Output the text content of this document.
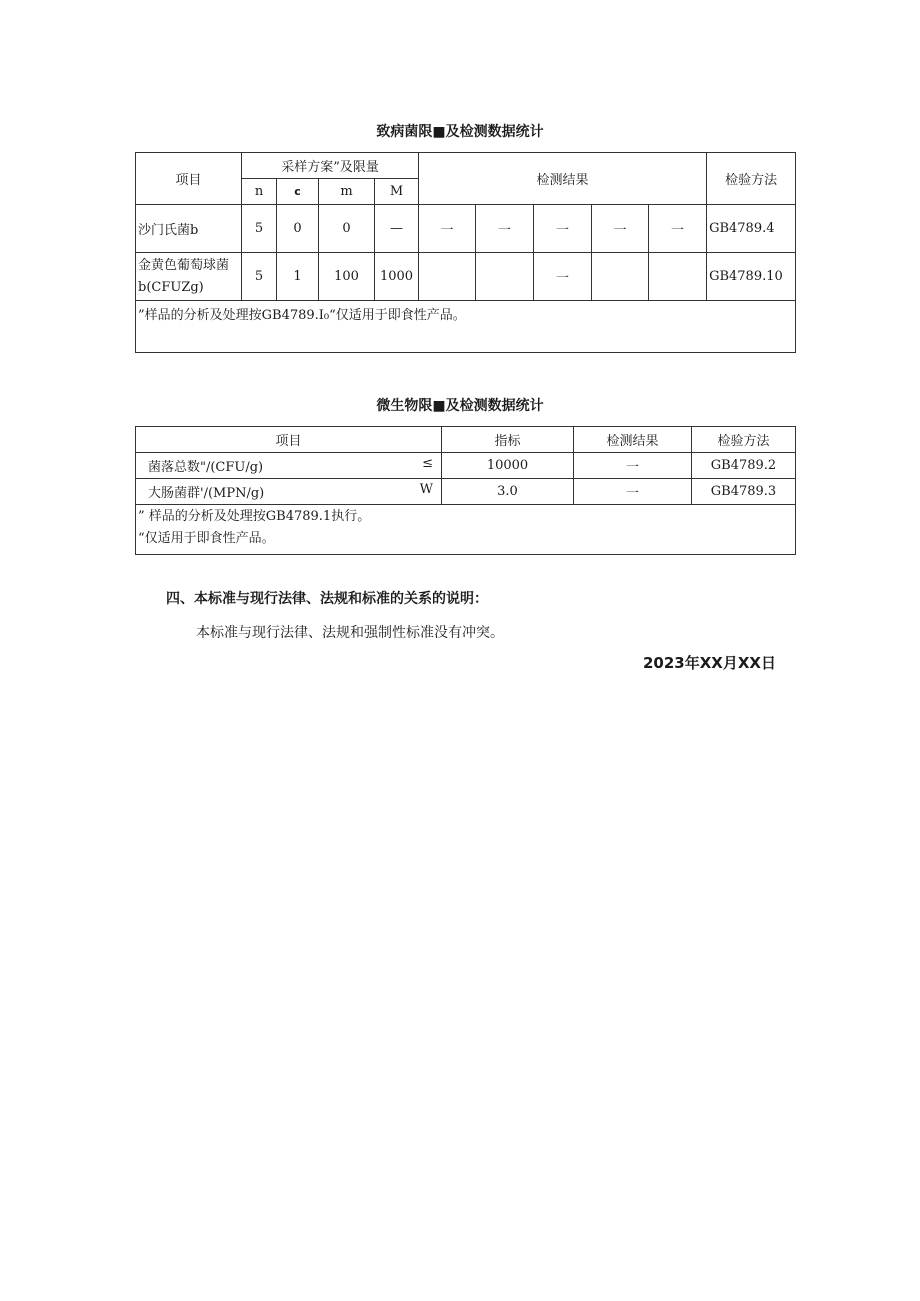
致病菌限■及检测数据统计
项目	采样方案”及限量				检测结果					检验方法
	n	c	m	M						
沙门氏菌b	5	0	0	—	一	一	一	一	一	GB4789.4

金黄色葡萄球菌
b(CFUZg)	5	1	100	1000			一			GB4789.10
”样品的分析及处理按GB4789.I₀“仅适用于即食性产品。										
微生物限■及检测数据统计
项目	指标	检测结果	检验方法

菌落总数"/(CFU/g) ≤	10000	一	GB4789.2

大肠菌群'/(MPN/g) W	3.0	一	GB4789.3

” 样品的分析及处理按GB4789.1执行。
“仅适用于即食性产品。			
四、本标准与现行法律、法规和标准的关系的说明：
本标准与现行法律、法规和强制性标准没有冲突。
2023年XX月XX日
